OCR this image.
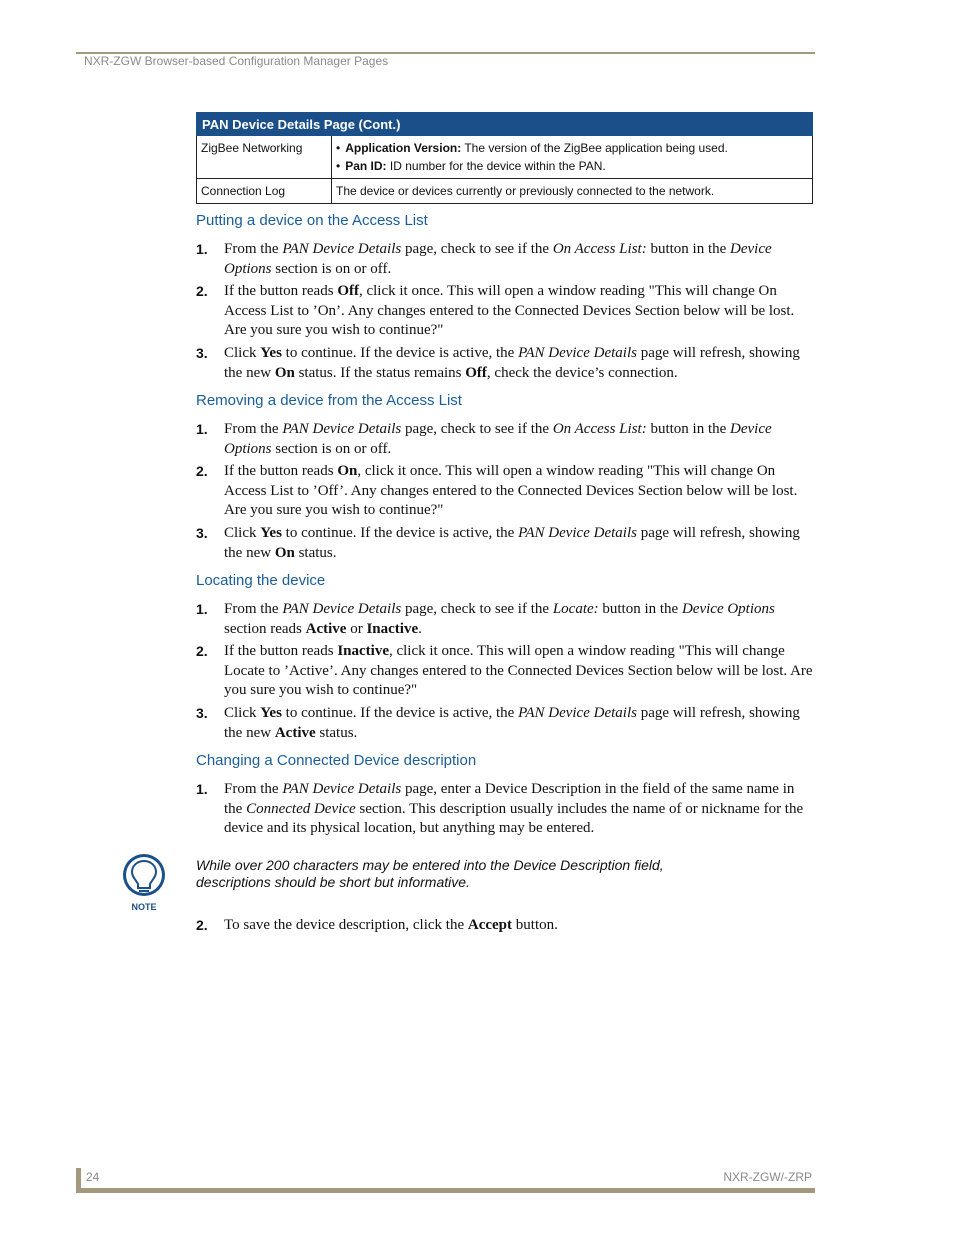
NXR-ZGW Browser-based Configuration Manager Pages
PAN Device Details Page (Cont.)	
ZigBee Networking	• Application Version: The version of the ZigBee application being used.
• Pan ID: ID number for the device within the PAN.

Connection Log	The device or devices currently or previously connected to the network.
Putting a device on the Access List
1. From the PAN Device Details page, check to see if the On Access List: button in the Device Options section is on or off.
2. If the button reads Off, click it once. This will open a window reading "This will change On Access List to ’On’. Any changes entered to the Connected Devices Section below will be lost. Are you sure you wish to continue?"
3. Click Yes to continue. If the device is active, the PAN Device Details page will refresh, showing the new On status. If the status remains Off, check the device’s connection.
Removing a device from the Access List
1. From the PAN Device Details page, check to see if the On Access List: button in the Device Options section is on or off.
2. If the button reads On, click it once. This will open a window reading "This will change On Access List to ’Off’. Any changes entered to the Connected Devices Section below will be lost. Are you sure you wish to continue?"
3. Click Yes to continue. If the device is active, the PAN Device Details page will refresh, showing the new On status.
Locating the device
1. From the PAN Device Details page, check to see if the Locate: button in the Device Options section reads Active or Inactive.
2. If the button reads Inactive, click it once. This will open a window reading "This will change Locate to ’Active’. Any changes entered to the Connected Devices Section below will be lost. Are you sure you wish to continue?"
3. Click Yes to continue. If the device is active, the PAN Device Details page will refresh, showing the new Active status.
Changing a Connected Device description
1. From the PAN Device Details page, enter a Device Description in the field of the same name in the Connected Device section. This description usually includes the name of or nickname for the device and its physical location, but anything may be entered.
NOTE
While over 200 characters may be entered into the Device Description field, descriptions should be short but informative.
2. To save the device description, click the Accept button.
24	NXR-ZGW/-ZRP
